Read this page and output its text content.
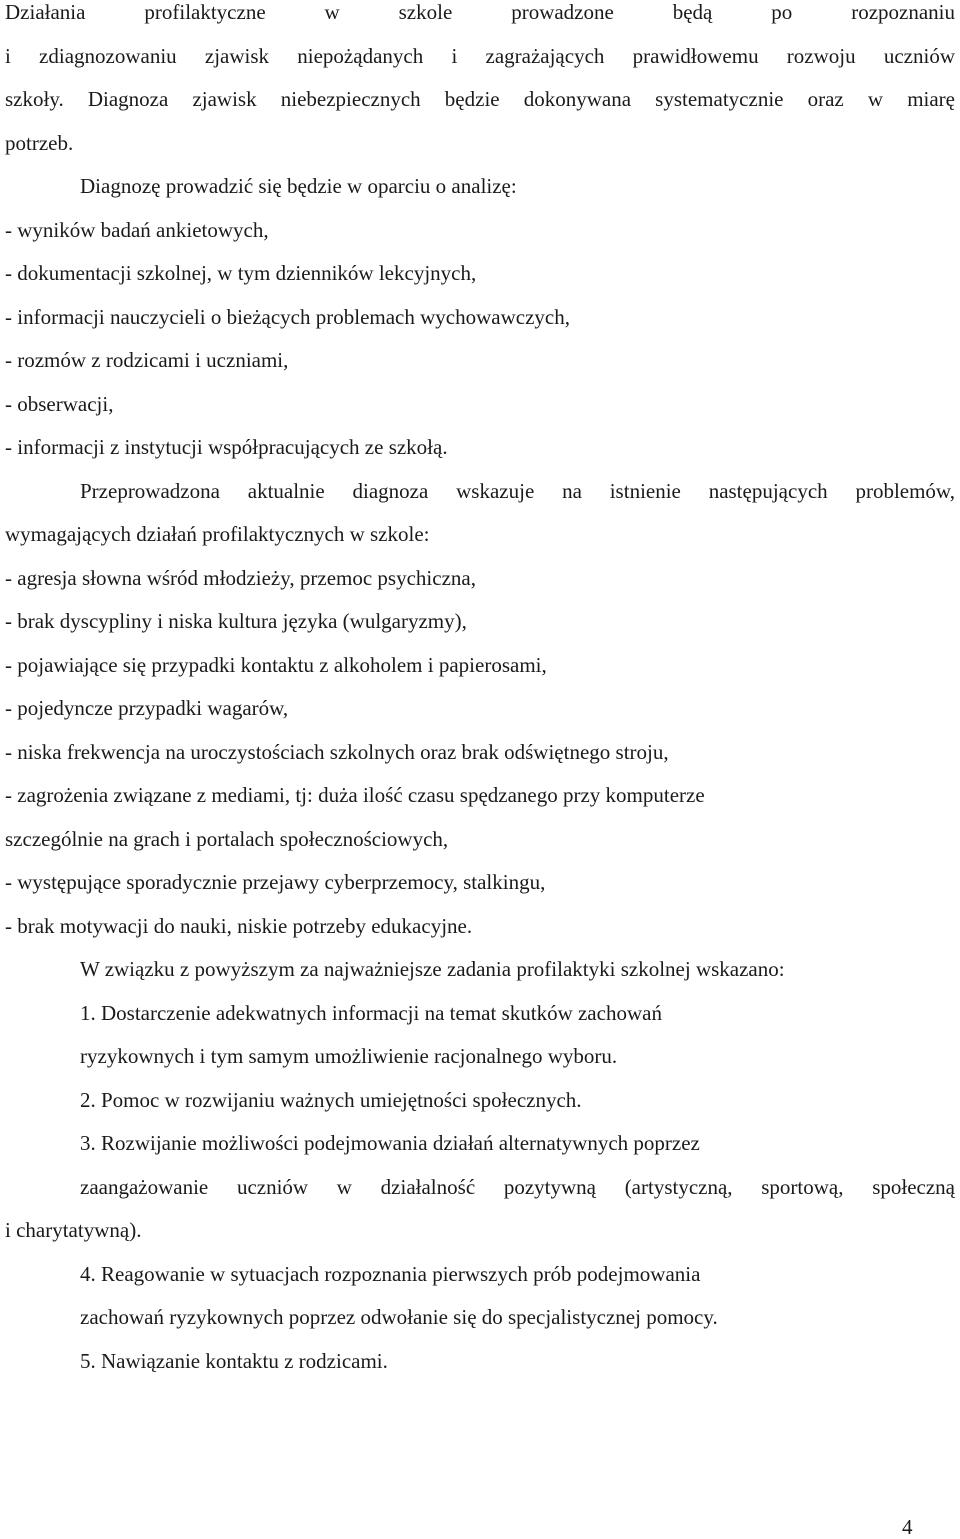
Działania profilaktyczne w szkole prowadzone będą po rozpoznaniu
i zdiagnozowaniu zjawisk niepożądanych i zagrażających prawidłowemu rozwoju uczniów
szkoły. Diagnoza zjawisk niebezpiecznych będzie dokonywana systematycznie oraz w miarę
potrzeb.
Diagnozę prowadzić się będzie w oparciu o analizę:
- wyników badań ankietowych,
- dokumentacji szkolnej, w tym dzienników lekcyjnych,
- informacji nauczycieli o bieżących problemach wychowawczych,
- rozmów z rodzicami i uczniami,
- obserwacji,
- informacji z instytucji współpracujących ze szkołą.
Przeprowadzona aktualnie diagnoza wskazuje na istnienie następujących problemów,
wymagających działań profilaktycznych w szkole:
- agresja słowna wśród młodzieży, przemoc psychiczna,
- brak dyscypliny i niska kultura języka (wulgaryzmy),
- pojawiające się przypadki kontaktu z alkoholem i papierosami,
- pojedyncze przypadki wagarów,
- niska frekwencja na uroczystościach szkolnych oraz brak odświętnego stroju,
- zagrożenia związane z mediami, tj: duża ilość czasu spędzanego przy komputerze
szczególnie na grach i portalach społecznościowych,
- występujące sporadycznie przejawy cyberprzemocy, stalkingu,
- brak motywacji do nauki, niskie potrzeby edukacyjne.
W związku z powyższym za najważniejsze zadania profilaktyki szkolnej wskazano:
1. Dostarczenie adekwatnych informacji na temat skutków zachowań
ryzykownych i tym samym umożliwienie racjonalnego wyboru.
2. Pomoc w rozwijaniu ważnych umiejętności społecznych.
3. Rozwijanie możliwości podejmowania działań alternatywnych poprzez
zaangażowanie uczniów w działalność pozytywną (artystyczną, sportową, społeczną
i charytatywną).
4. Reagowanie w sytuacjach rozpoznania pierwszych prób podejmowania
zachowań ryzykownych poprzez odwołanie się do specjalistycznej pomocy.
5. Nawiązanie kontaktu z rodzicami.
4
